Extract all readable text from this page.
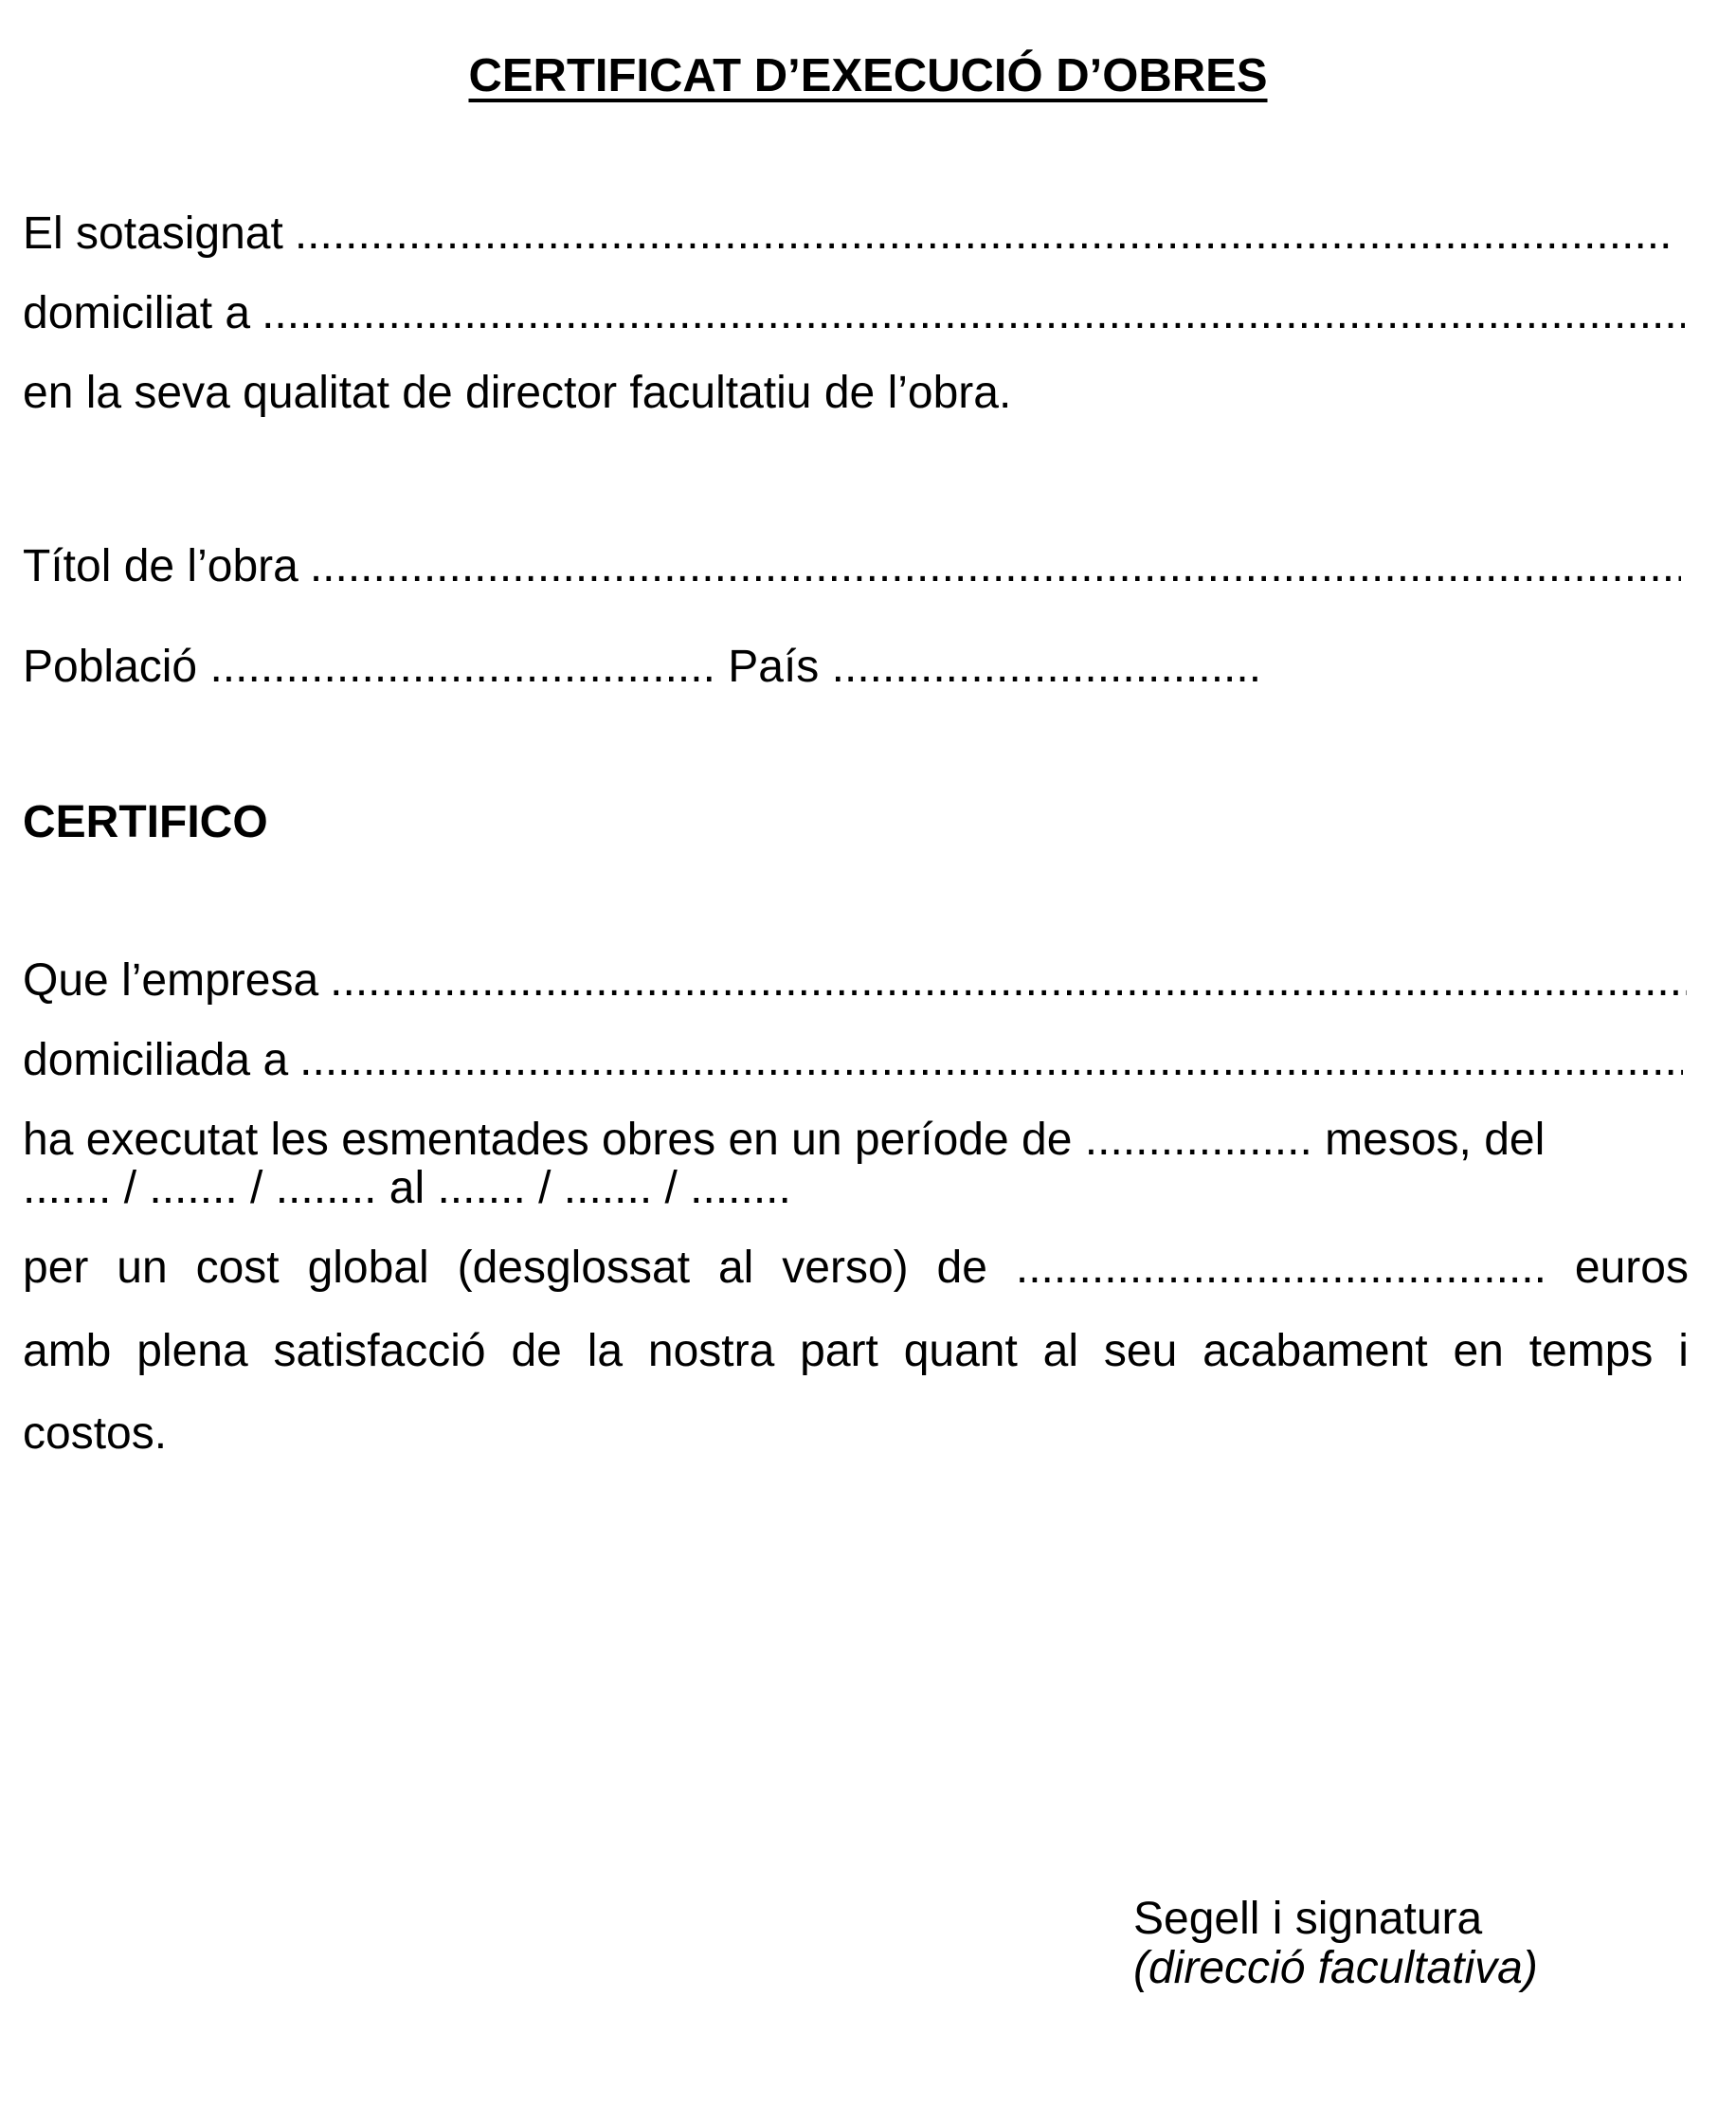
CERTIFICAT D’EXECUCIÓ D’OBRES
El sotasignat
.....
domiciliat a
.....
en la seva qualitat de director facultatiu de l’obra.
Títol de l’obra
.....
Població ........................................ País ..................................
CERTIFICO
Que l’empresa
.....
domiciliada a
.....
ha executat les esmentades obres en un període de .................. mesos, del
....... / ....... / ........ al ....... / ....... / ........
per un cost global (desglossat al verso) de .......................................... euros
amb plena satisfacció de la nostra part quant al seu acabament en temps i
costos.
Segell i signatura
(direcció facultativa)
